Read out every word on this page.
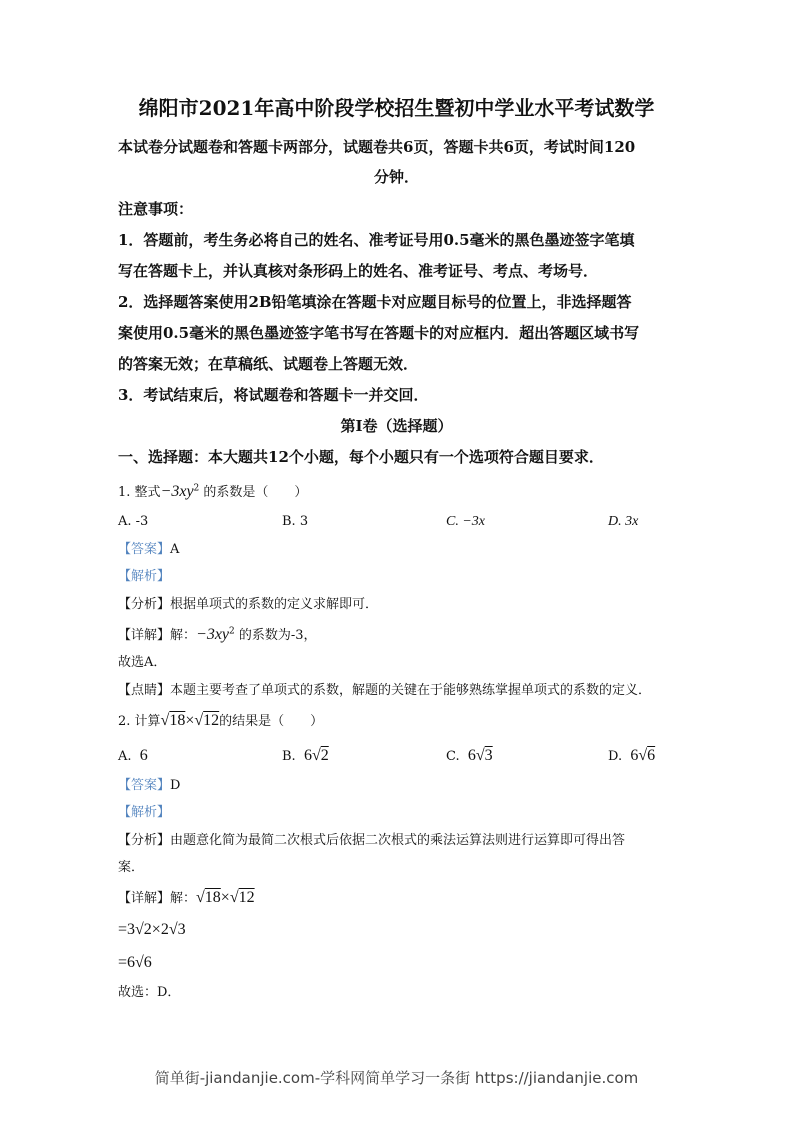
绵阳市2021年高中阶段学校招生暨初中学业水平考试数学
本试卷分试题卷和答题卡两部分，试题卷共6页，答题卡共6页，考试时间120
分钟．
注意事项：
1．答题前，考生务必将自己的姓名、准考证号用0.5毫米的黑色墨迹签字笔填
写在答题卡上，并认真核对条形码上的姓名、准考证号、考点、考场号．
2．选择题答案使用2B铅笔填涂在答题卡对应题目标号的位置上，非选择题答
案使用0.5毫米的黑色墨迹签字笔书写在答题卡的对应框内．超出答题区域书写
的答案无效；在草稿纸、试题卷上答题无效．
3．考试结束后，将试题卷和答题卡一并交回．
第Ⅰ卷（选择题）
一、选择题：本大题共12个小题，每个小题只有一个选项符合题目要求．
1. 整式$-3xy^2$ 的系数是（　　）
A. -3	B. 3	C. −3x	D. 3x
【答案】A
【解析】
【分析】根据单项式的系数的定义求解即可．
【详解】解：$-3xy^2$ 的系数为-3，
故选A．
【点睛】本题主要考查了单项式的系数，解题的关键在于能够熟练掌握单项式的系数的定义．
2. 计算√18×√12的结果是（　　）
A. 6	B. 6√2	C. 6√3	D. 6√6
【答案】D
【解析】
【分析】由题意化简为最简二次根式后依据二次根式的乘法运算法则进行运算即可得出答
案．
【详解】解：√18×√12
=3√2×2√3
=6√6
故选：D．
简单街-jiandanjie.com-学科网简单学习一条街 https://jiandanjie.com
